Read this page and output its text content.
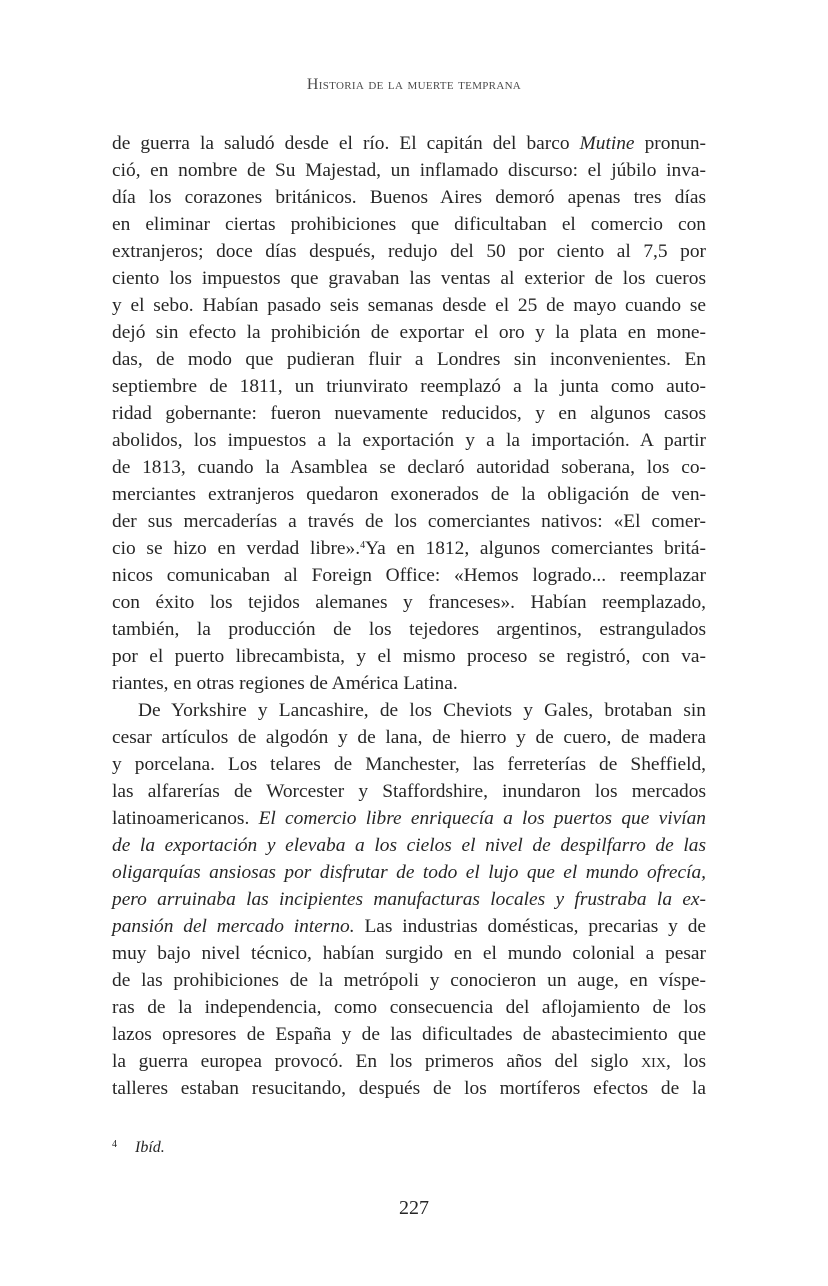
Historia de la muerte temprana
de guerra la saludó desde el río. El capitán del barco Mutine pronun-
ció, en nombre de Su Majestad, un inflamado discurso: el júbilo inva-
día los corazones británicos. Buenos Aires demoró apenas tres días
en eliminar ciertas prohibiciones que dificultaban el comercio con
extranjeros; doce días después, redujo del 50 por ciento al 7,5 por
ciento los impuestos que gravaban las ventas al exterior de los cueros
y el sebo. Habían pasado seis semanas desde el 25 de mayo cuando se
dejó sin efecto la prohibición de exportar el oro y la plata en mone-
das, de modo que pudieran fluir a Londres sin inconvenientes. En
septiembre de 1811, un triunvirato reemplazó a la junta como auto-
ridad gobernante: fueron nuevamente reducidos, y en algunos casos
abolidos, los impuestos a la exportación y a la importación. A partir
de 1813, cuando la Asamblea se declaró autoridad soberana, los co-
merciantes extranjeros quedaron exonerados de la obligación de ven-
der sus mercaderías a través de los comerciantes nativos: «El comer-
cio se hizo en verdad libre».$^4$Ya en 1812, algunos comerciantes britá-
nicos comunicaban al Foreign Office: «Hemos logrado... reemplazar
con éxito los tejidos alemanes y franceses». Habían reemplazado,
también, la producción de los tejedores argentinos, estrangulados
por el puerto librecambista, y el mismo proceso se registró, con va-
riantes, en otras regiones de América Latina.
De Yorkshire y Lancashire, de los Cheviots y Gales, brotaban sin
cesar artículos de algodón y de lana, de hierro y de cuero, de madera
y porcelana. Los telares de Manchester, las ferreterías de Sheffield,
las alfarerías de Worcester y Staffordshire, inundaron los mercados
latinoamericanos. El comercio libre enriquecía a los puertos que vivían
de la exportación y elevaba a los cielos el nivel de despilfarro de las
oligarquías ansiosas por disfrutar de todo el lujo que el mundo ofrecía,
pero arruinaba las incipientes manufacturas locales y frustraba la ex-
pansión del mercado interno. Las industrias domésticas, precarias y de
muy bajo nivel técnico, habían surgido en el mundo colonial a pesar
de las prohibiciones de la metrópoli y conocieron un auge, en víspe-
ras de la independencia, como consecuencia del aflojamiento de los
lazos opresores de España y de las dificultades de abastecimiento que
la guerra europea provocó. En los primeros años del siglo xix, los
talleres estaban resucitando, después de los mortíferos efectos de la
$^4$ Ibíd.
227
